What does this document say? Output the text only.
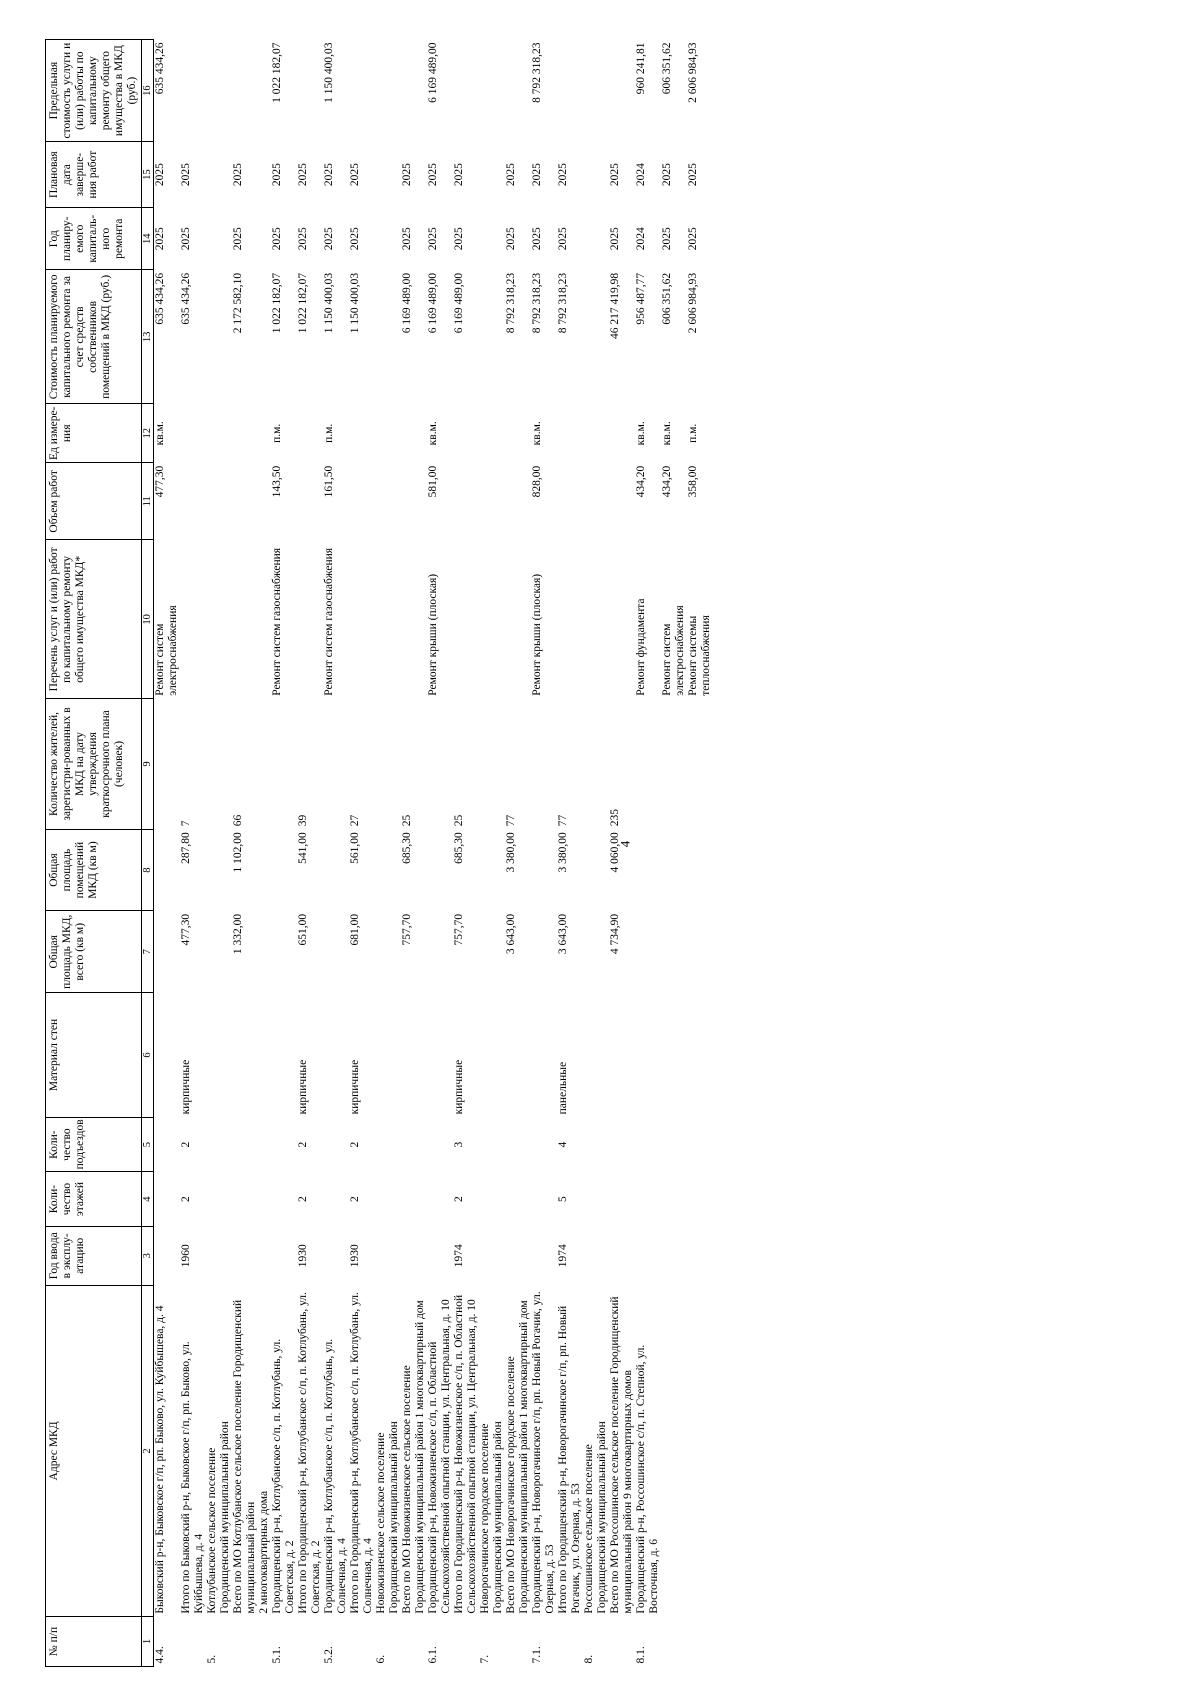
4
№ п/п	Адрес МКД	Год ввода в эксплу-атацию	Коли-чество этажей	Коли-чество подъездов	Материал стен	Общая площадь МКД, всего (кв м)	Общая площадь помещений МКД (кв м)	Количество жителей, зарегистри-рованных в МКД на дату утверждения краткосрочного плана (человек)	Перечень услуг и (или) работ по капитальному ремонту общего имущества МКД*	Объем работ	Ед измере-ния	Стоимость планируемого капитального ремонта за счет средств собственников помещений в МКД (руб.)	Год планиру-емого капиталь-ного ремонта	Плановая дата заверше-ния работ	Предельная стоимость услуги и (или) работы по капитальному ремонту общего имущества в МКД (руб.)
1	2	3	4	5	6	7	8	9	10	11	12	13	14	15	16
4.4.	Быковский р-н, Быковское г/п, рп. Быково, ул. Куйбышева, д. 4								Ремонт систем электроснабжения	477,30	кв.м.	635 434,26	2025	2025	635 434,26
	Итого по Быковский р-н, Быковское г/п, рп. Быково, ул. Куйбышева, д. 4	1960	2	2	кирпичные	477,30	287,80	7				635 434,26	2025	2025	
5.	Котлубанское сельское поселение														
	Городищенский муниципальный район														
	Всего по МО Котлубанское сельское поселение Городищенский муниципальный район					1 332,00	1 102,00	66				2 172 582,10	2025	2025	
	2 многоквартирных дома														
5.1.	Городищенский р-н, Котлубанское с/п, п. Котлубань, ул. Советская, д. 2								Ремонт систем газоснабжения	143,50	п.м.	1 022 182,07	2025	2025	1 022 182,07
	Итого по Городищенский р-н, Котлубанское с/п, п. Котлубань, ул. Советская, д. 2	1930	2	2	кирпичные	651,00	541,00	39				1 022 182,07	2025	2025	
5.2.	Городищенский р-н, Котлубанское с/п, п. Котлубань, ул. Солнечная, д. 4								Ремонт систем газоснабжения	161,50	п.м.	1 150 400,03	2025	2025	1 150 400,03
	Итого по Городищенский р-н, Котлубанское с/п, п. Котлубань, ул. Солнечная, д. 4	1930	2	2	кирпичные	681,00	561,00	27				1 150 400,03	2025	2025	
6.	Новожизненское сельское поселение														
	Городищенский муниципальный район														
	Всего по МО Новожизненское сельское поселение Городищенский муниципальный район 1 многоквартирный дом					757,70	685,30	25				6 169 489,00	2025	2025	
6.1.	Городищенский р-н, Новожизненское с/п, п. Областной Сельскохозяйственной опытной станции, ул. Центральная, д. 10								Ремонт крыши (плоская)	581,00	кв.м.	6 169 489,00	2025	2025	6 169 489,00
	Итого по Городищенский р-н, Новожизненское с/п, п. Областной Сельскохозяйственной опытной станции, ул. Центральная, д. 10	1974	2	3	кирпичные	757,70	685,30	25				6 169 489,00	2025	2025	
7.	Новорогачинское городское поселение														
	Городищенский муниципальный район														
	Всего по МО Новорогачинское городское поселение Городищенский муниципальный район 1 многоквартирный дом					3 643,00	3 380,00	77				8 792 318,23	2025	2025	
7.1.	Городищенский р-н, Новорогачинское г/п, рп. Новый Рогачик, ул. Озерная, д. 53								Ремонт крыши (плоская)	828,00	кв.м.	8 792 318,23	2025	2025	8 792 318,23
	Итого по Городищенский р-н, Новорогачинское г/п, рп. Новый Рогачик, ул. Озерная, д. 53	1974	5	4	панельные	3 643,00	3 380,00	77				8 792 318,23	2025	2025	
8.	Россошинское сельское поселение														
	Городищенский муниципальный район														
	Всего по МО Россошинское сельское поселение Городищенский муниципальный район 9 многоквартирных домов					4 734,90	4 060,00	235				46 217 419,98	2025	2025	
8.1.	Городищенский р-н, Россошинское с/п, п. Степной, ул. Восточная, д. 6								Ремонт фундамента	434,20	кв.м.	956 487,77	2024	2024	960 241,81
									Ремонт систем электроснабжения	434,20	кв.м.	606 351,62	2025	2025	606 351,62
									Ремонт системы теплоснабжения	358,00	п.м.	2 606 984,93	2025	2025	2 606 984,93
